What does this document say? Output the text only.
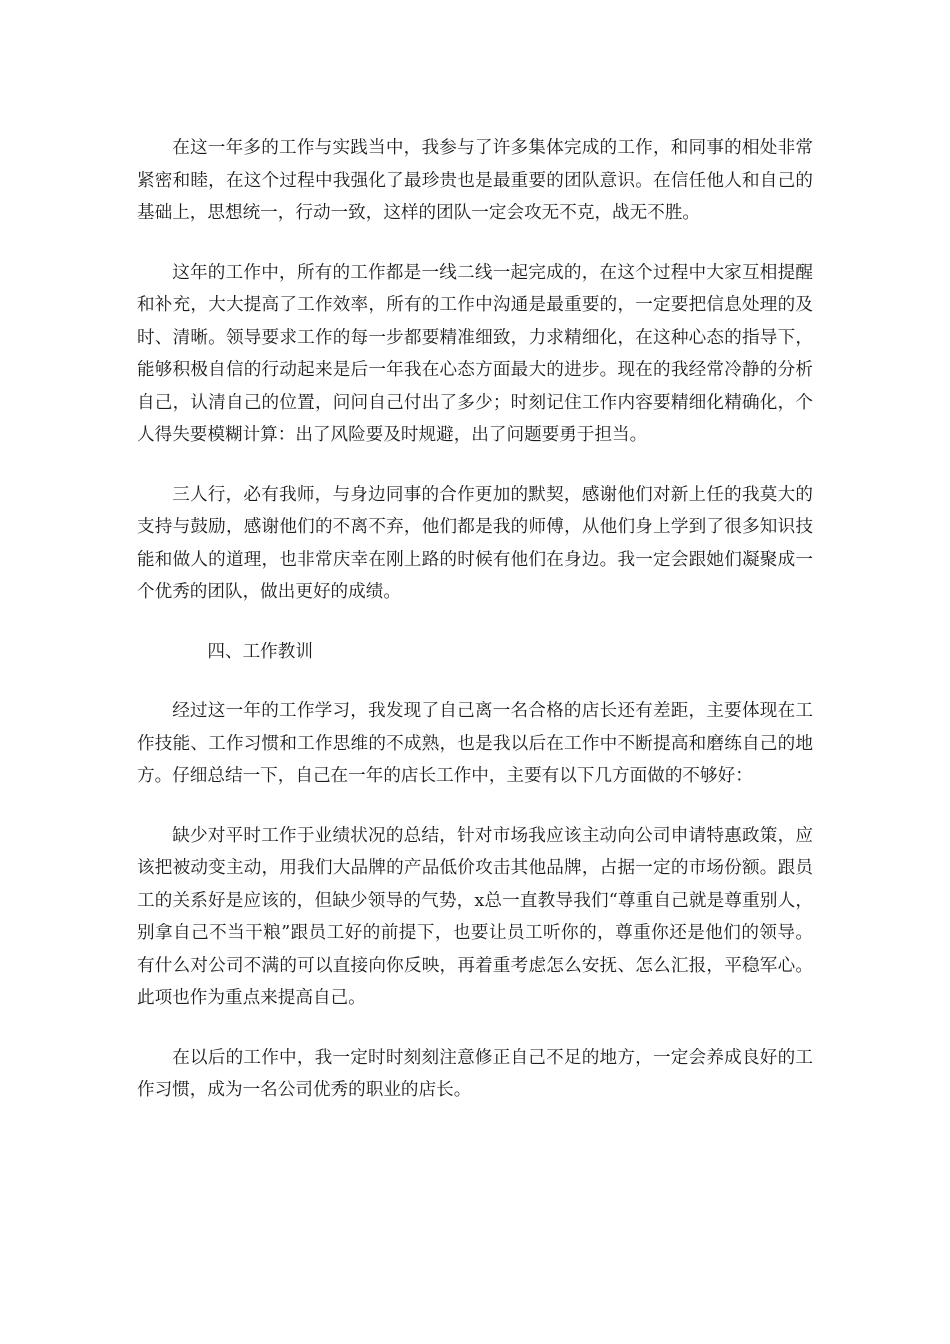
在这一年多的工作与实践当中，我参与了许多集体完成的工作，和同事的相处非常紧密和睦，在这个过程中我强化了最珍贵也是最重要的团队意识。在信任他人和自己的基础上，思想统一，行动一致，这样的团队一定会攻无不克，战无不胜。

这年的工作中，所有的工作都是一线二线一起完成的，在这个过程中大家互相提醒和补充，大大提高了工作效率，所有的工作中沟通是最重要的，一定要把信息处理的及时、清晰。领导要求工作的每一步都要精准细致，力求精细化，在这种心态的指导下，能够积极自信的行动起来是后一年我在心态方面最大的进步。现在的我经常冷静的分析自己，认清自己的位置，问问自己付出了多少；时刻记住工作内容要精细化精确化，个人得失要模糊计算：出了风险要及时规避，出了问题要勇于担当。

三人行，必有我师，与身边同事的合作更加的默契，感谢他们对新上任的我莫大的支持与鼓励，感谢他们的不离不弃，他们都是我的师傅，从他们身上学到了很多知识技能和做人的道理，也非常庆幸在刚上路的时候有他们在身边。我一定会跟她们凝聚成一个优秀的团队，做出更好的成绩。

四、工作教训

经过这一年的工作学习，我发现了自己离一名合格的店长还有差距，主要体现在工作技能、工作习惯和工作思维的不成熟，也是我以后在工作中不断提高和磨练自己的地方。仔细总结一下，自己在一年的店长工作中，主要有以下几方面做的不够好：

缺少对平时工作于业绩状况的总结，针对市场我应该主动向公司申请特惠政策，应该把被动变主动，用我们大品牌的产品低价攻击其他品牌，占据一定的市场份额。跟员工的关系好是应该的，但缺少领导的气势，x总一直教导我们“尊重自己就是尊重别人，别拿自己不当干粮”跟员工好的前提下，也要让员工听你的，尊重你还是他们的领导。有什么对公司不满的可以直接向你反映，再着重考虑怎么安抚、怎么汇报，平稳军心。此项也作为重点来提高自己。

在以后的工作中，我一定时时刻刻注意修正自己不足的地方，一定会养成良好的工作习惯，成为一名公司优秀的职业的店长。
